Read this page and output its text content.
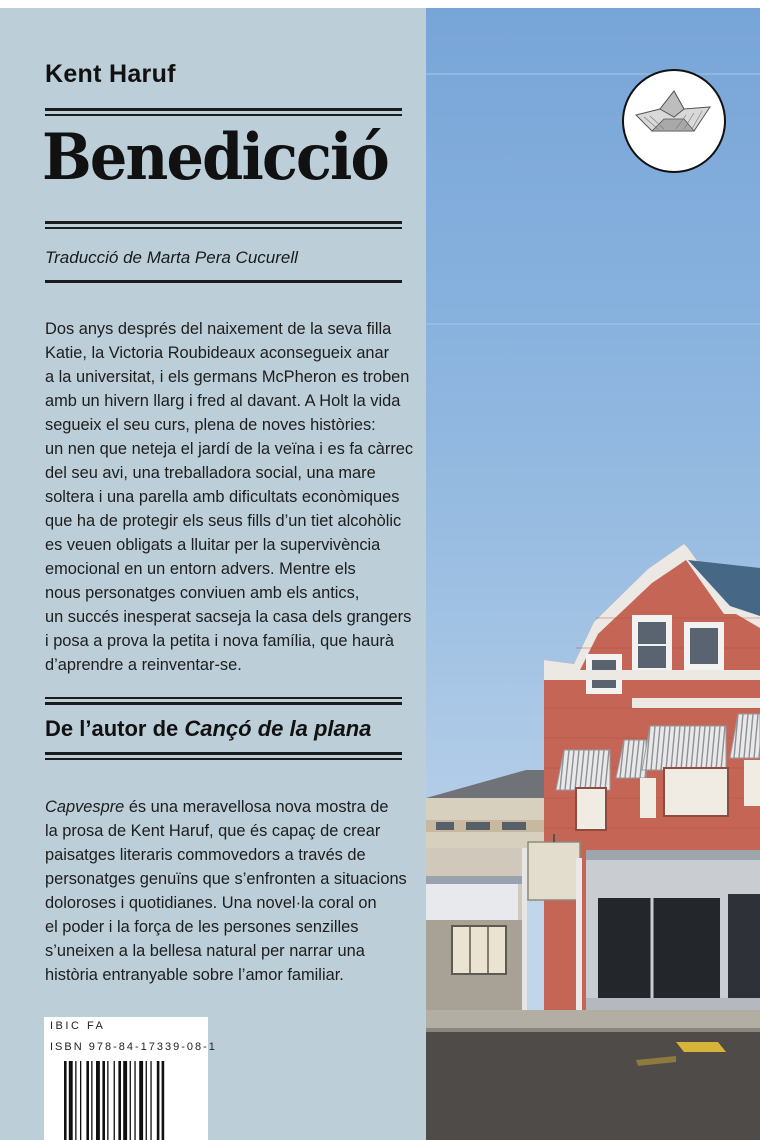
Kent Haruf

Benedicció

Traducció de Marta Pera Cucurell

Dos anys després del naixement de la seva filla
Katie, la Victoria Roubideaux aconsegueix anar
a la universitat, i els germans McPheron es troben
amb un hivern llarg i fred al davant. A Holt la vida
segueix el seu curs, plena de noves històries:
un nen que neteja el jardí de la veïna i es fa càrrec
del seu avi, una treballadora social, una mare
soltera i una parella amb dificultats econòmiques
que ha de protegir els seus fills d’un tiet alcohòlic
es veuen obligats a lluitar per la supervivència
emocional en un entorn advers. Mentre els
nous personatges conviuen amb els antics,
un succés inesperat sacseja la casa dels grangers
i posa a prova la petita i nova família, que haurà
d’aprendre a reinventar-se.

De l’autor de Cançó de la plana

Capvespre és una meravellosa nova mostra de
la prosa de Kent Haruf, que és capaç de crear
paisatges literaris commovedors a través de
personatges genuïns que s’enfronten a situacions
doloroses i quotidianes. Una novel·la coral on
el poder i la força de les persones senzilles
s’uneixen a la bellesa natural per narrar una
història entranyable sobre l’amor familiar.

IBIC FA

ISBN 978-84-17339-08-1
